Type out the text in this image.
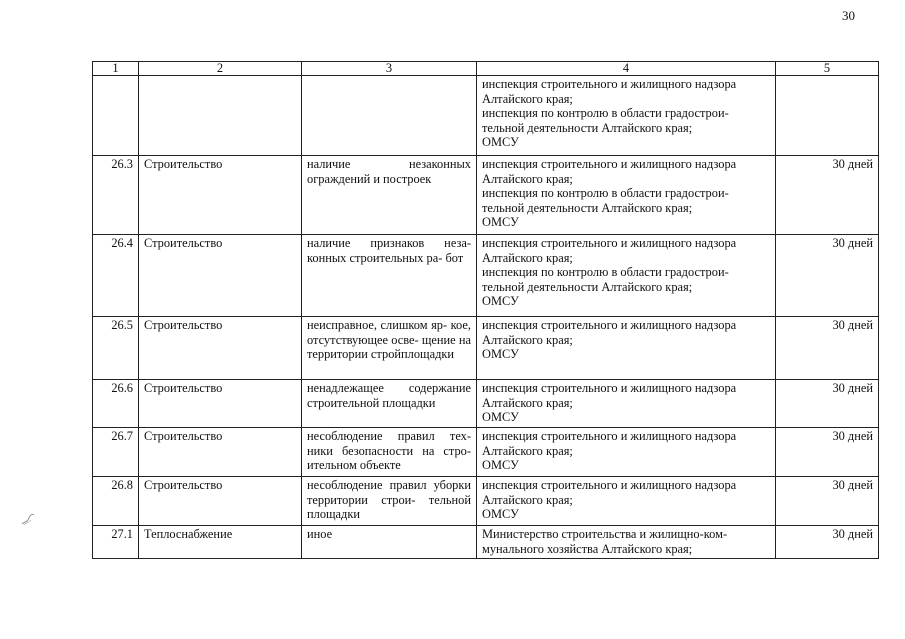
30
1	2	3	4	5

			инспекция строительного и жилищного надзора
Алтайского края;
инспекция по контролю в области градострои-
тельной деятельности Алтайского края;
ОМСУ	

26.3	Строительство	наличие незаконных ограждений и построек	инспекция строительного и жилищного надзора
Алтайского края;
инспекция по контролю в области градострои-
тельной деятельности Алтайского края;
ОМСУ	30 дней
26.4	Строительство	наличие признаков неза- конных строительных ра- бот	инспекция строительного и жилищного надзора
Алтайского края;
инспекция по контролю в области градострои-
тельной деятельности Алтайского края;
ОМСУ	30 дней
26.5	Строительство	неисправное, слишком яр- кое, отсутствующее осве- щение на территории стройплощадки	инспекция строительного и жилищного надзора
Алтайского края;
ОМСУ	30 дней
26.6	Строительство	ненадлежащее содержание строительной площадки	инспекция строительного и жилищного надзора
Алтайского края;
ОМСУ	30 дней
26.7	Строительство	несоблюдение правил тех- ники безопасности на стро- ительном объекте	инспекция строительного и жилищного надзора
Алтайского края;
ОМСУ	30 дней
26.8	Строительство	несоблюдение правил уборки территории строи- тельной площадки	инспекция строительного и жилищного надзора
Алтайского края;
ОМСУ	30 дней
27.1	Теплоснабжение	иное	Министерство строительства и жилищно-ком-
мунального хозяйства Алтайского края;	30 дней
